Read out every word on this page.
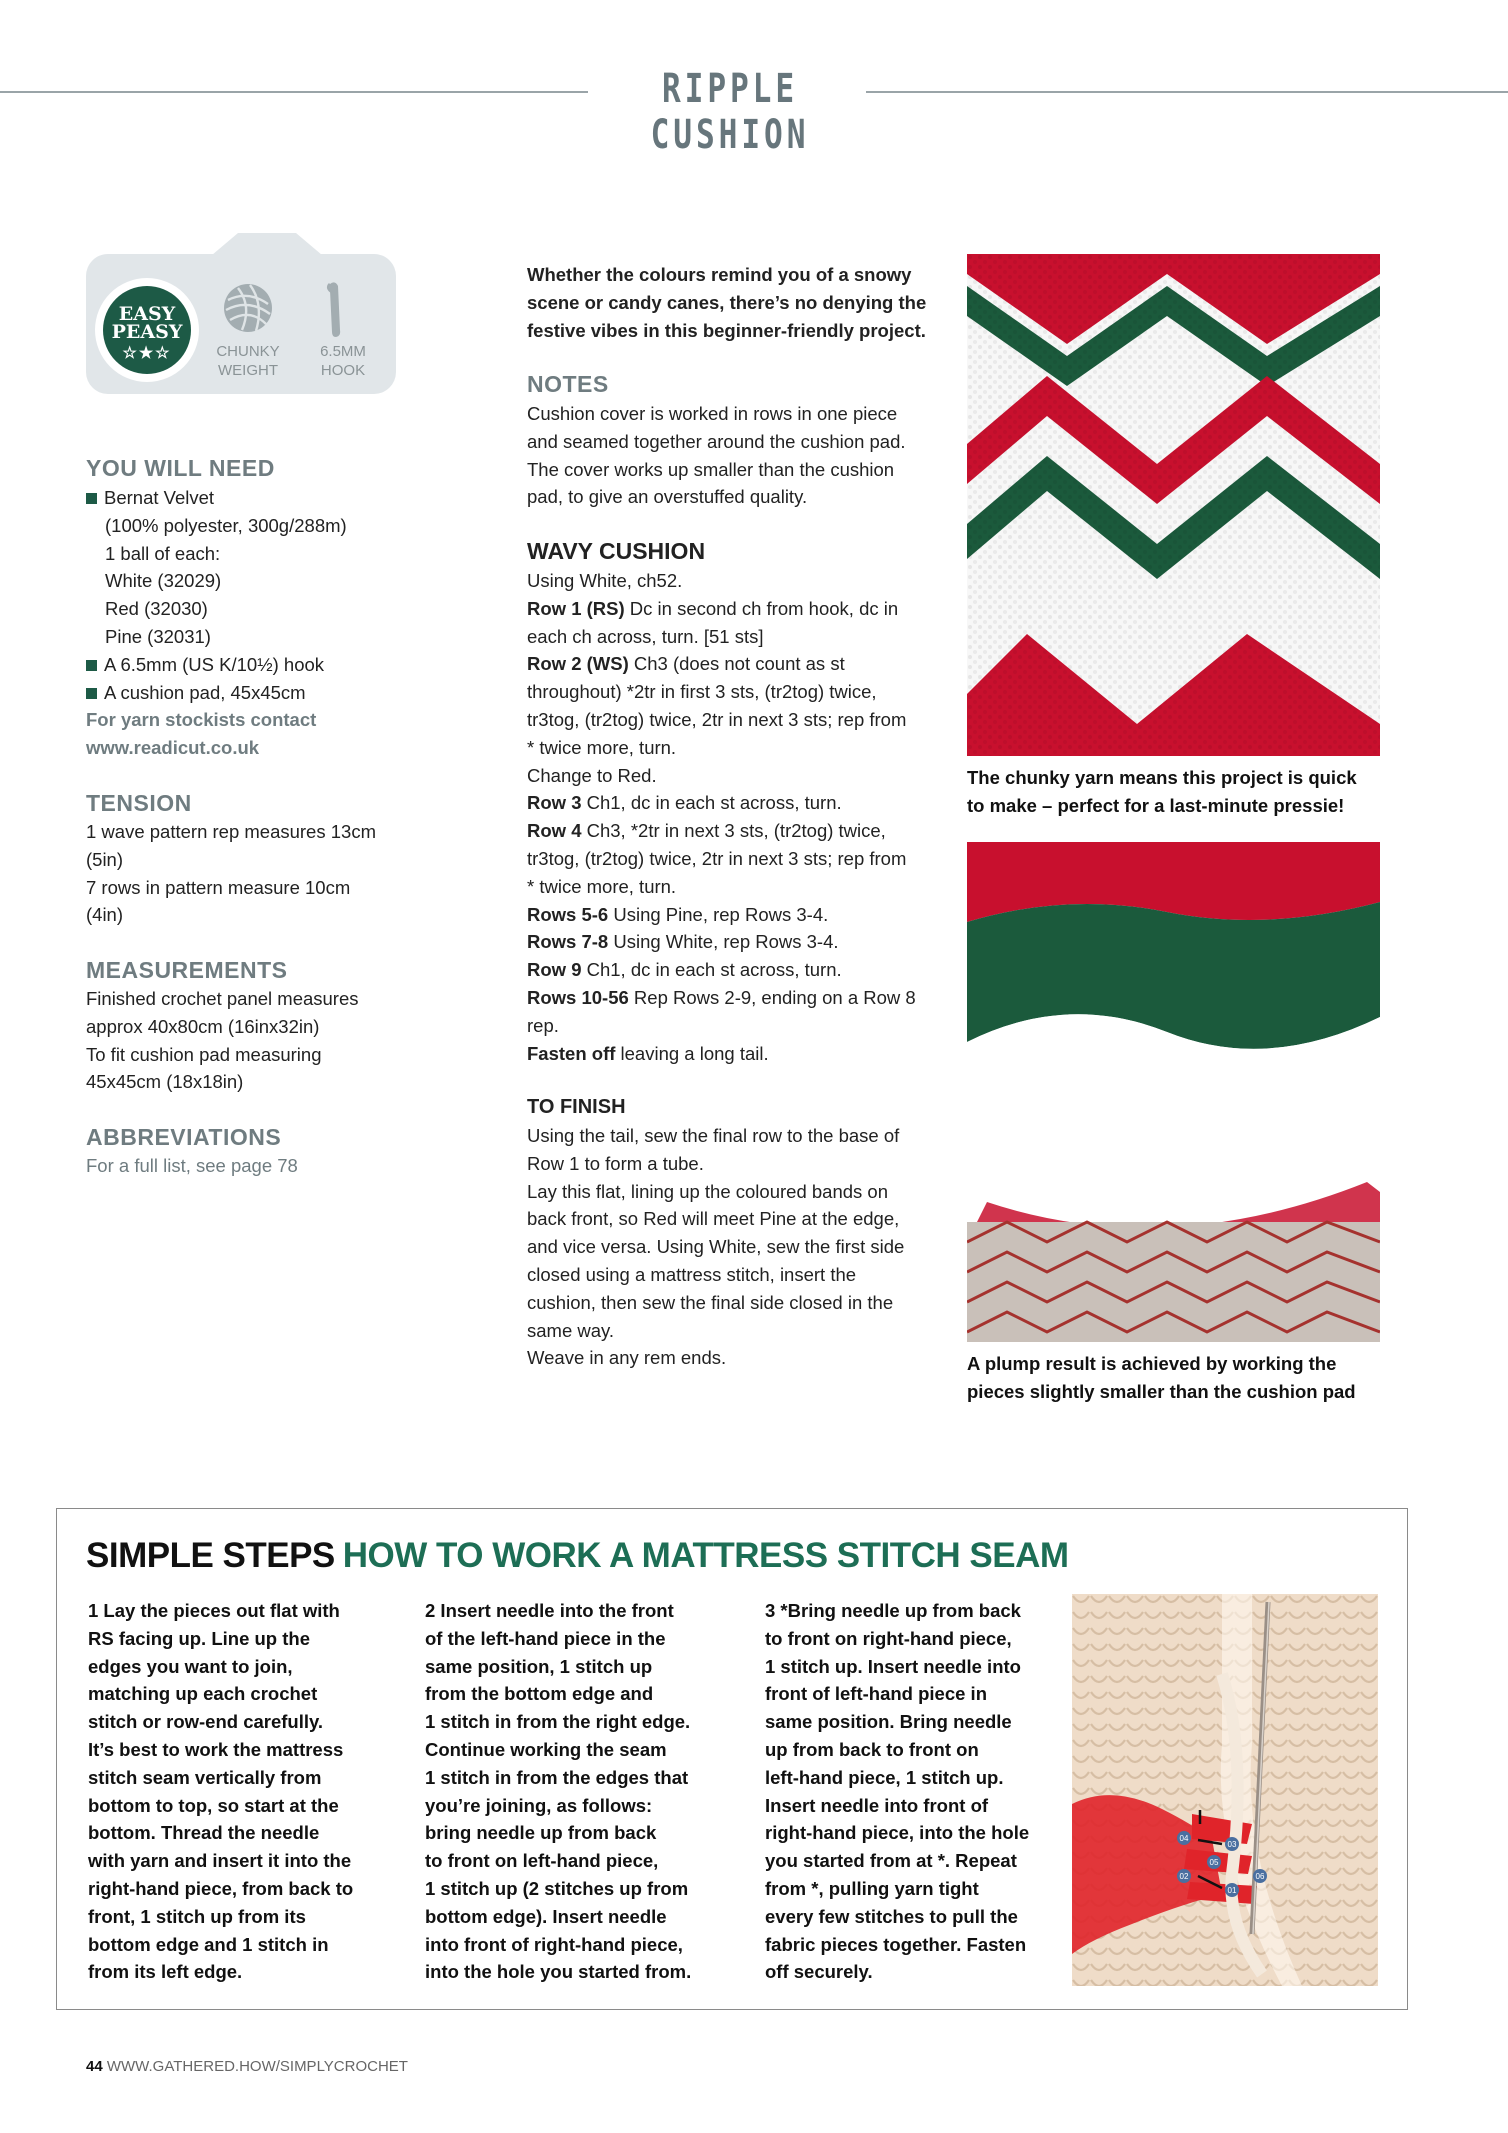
RIPPLE CUSHION
EASY
PEASY
☆★☆	CHUNKY
WEIGHT
6.5MM
HOOK
YOU WILL NEED

Bernat Velvet

(100% polyester, 300g/288m)

1 ball of each:

White (32029)

Red (32030)

Pine (32031)

A 6.5mm (US K/10½) hook

A cushion pad, 45x45cm

For yarn stockists contact

www.readicut.co.uk

TENSION

1 wave pattern rep measures 13cm

(5in)

7 rows in pattern measure 10cm

(4in)

MEASUREMENTS

Finished crochet panel measures

approx 40x80cm (16inx32in)

To fit cushion pad measuring

45x45cm (18x18in)

ABBREVIATIONS
For a full list, see page 78

Whether the colours remind you of a snowy

scene or candy canes, there’s no denying the

festive vibes in this beginner-friendly project.

NOTES

Cushion cover is worked in rows in one piece

and seamed together around the cushion pad.

The cover works up smaller than the cushion

pad, to give an overstuffed quality.

WAVY CUSHION

Using White, ch52.

Row 1 (RS) Dc in second ch from hook, dc in

each ch across, turn. [51 sts]

Row 2 (WS) Ch3 (does not count as st

throughout) *2tr in first 3 sts, (tr2tog) twice,

tr3tog, (tr2tog) twice, 2tr in next 3 sts; rep from

* twice more, turn.

Change to Red.

Row 3 Ch1, dc in each st across, turn.

Row 4 Ch3, *2tr in next 3 sts, (tr2tog) twice,

tr3tog, (tr2tog) twice, 2tr in next 3 sts; rep from

* twice more, turn.

Rows 5-6 Using Pine, rep Rows 3-4.

Rows 7-8 Using White, rep Rows 3-4.

Row 9 Ch1, dc in each st across, turn.

Rows 10-56 Rep Rows 2-9, ending on a Row 8

rep.

Fasten off leaving a long tail.

TO FINISH

Using the tail, sew the final row to the base of

Row 1 to form a tube.

Lay this flat, lining up the coloured bands on

back front, so Red will meet Pine at the edge,

and vice versa. Using White, sew the first side

closed using a mattress stitch, insert the

cushion, then sew the final side closed in the

same way.

Weave in any rem ends.

The chunky yarn means this project is quick

to make – perfect for a last-minute pressie!

A plump result is achieved by working the

pieces slightly smaller than the cushion pad

SIMPLE STEPS HOW TO WORK A MATTRESS STITCH SEAM

1 Lay the pieces out flat with

RS facing up. Line up the

edges you want to join,

matching up each crochet

stitch or row-end carefully.

It’s best to work the mattress

stitch seam vertically from

bottom to top, so start at the

bottom. Thread the needle

with yarn and insert it into the

right-hand piece, from back to

front, 1 stitch up from its

bottom edge and 1 stitch in

from its left edge.

2 Insert needle into the front

of the left-hand piece in the

same position, 1 stitch up

from the bottom edge and

1 stitch in from the right edge.

Continue working the seam

1 stitch in from the edges that

you’re joining, as follows:

bring needle up from back

to front on left-hand piece,

1 stitch up (2 stitches up from

bottom edge). Insert needle

into front of right-hand piece,

into the hole you started from.

3 *Bring needle up from back

to front on right-hand piece,

1 stitch up. Insert needle into

front of left-hand piece in

same position. Bring needle

up from back to front on

left-hand piece, 1 stitch up.

Insert needle into front of

right-hand piece, into the hole

you started from at *. Repeat

from *, pulling yarn tight

every few stitches to pull the

fabric pieces together. Fasten

off securely.

04
03
02
01
05
06
44 WWW.GATHERED.HOW/SIMPLYCROCHET
